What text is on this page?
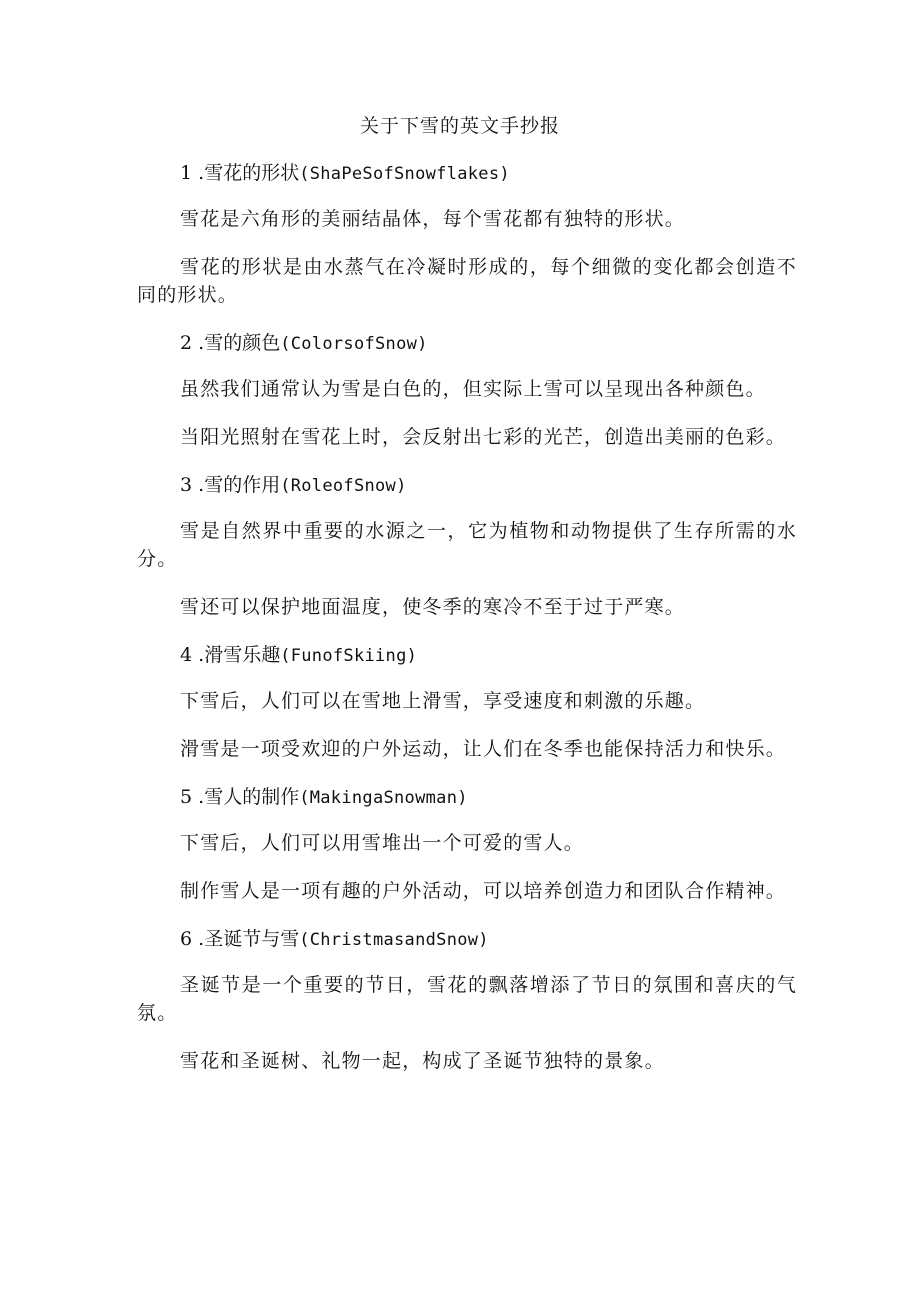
关于下雪的英文手抄报

1 .雪花的形状(ShaPeSofSnowflakes)

雪花是六角形的美丽结晶体，每个雪花都有独特的形状。

雪花的形状是由水蒸气在冷凝时形成的，每个细微的变化都会创造不同的形状。

2 .雪的颜色(ColorsofSnow)

虽然我们通常认为雪是白色的，但实际上雪可以呈现出各种颜色。

当阳光照射在雪花上时，会反射出七彩的光芒，创造出美丽的色彩。

3 .雪的作用(RoleofSnow)

雪是自然界中重要的水源之一，它为植物和动物提供了生存所需的水分。

雪还可以保护地面温度，使冬季的寒冷不至于过于严寒。

4 .滑雪乐趣(FunofSkiing)

下雪后，人们可以在雪地上滑雪，享受速度和刺激的乐趣。

滑雪是一项受欢迎的户外运动，让人们在冬季也能保持活力和快乐。

5 .雪人的制作(MakingaSnowman)

下雪后，人们可以用雪堆出一个可爱的雪人。

制作雪人是一项有趣的户外活动，可以培养创造力和团队合作精神。

6 .圣诞节与雪(ChristmasandSnow)

圣诞节是一个重要的节日，雪花的飘落增添了节日的氛围和喜庆的气氛。

雪花和圣诞树、礼物一起，构成了圣诞节独特的景象。
